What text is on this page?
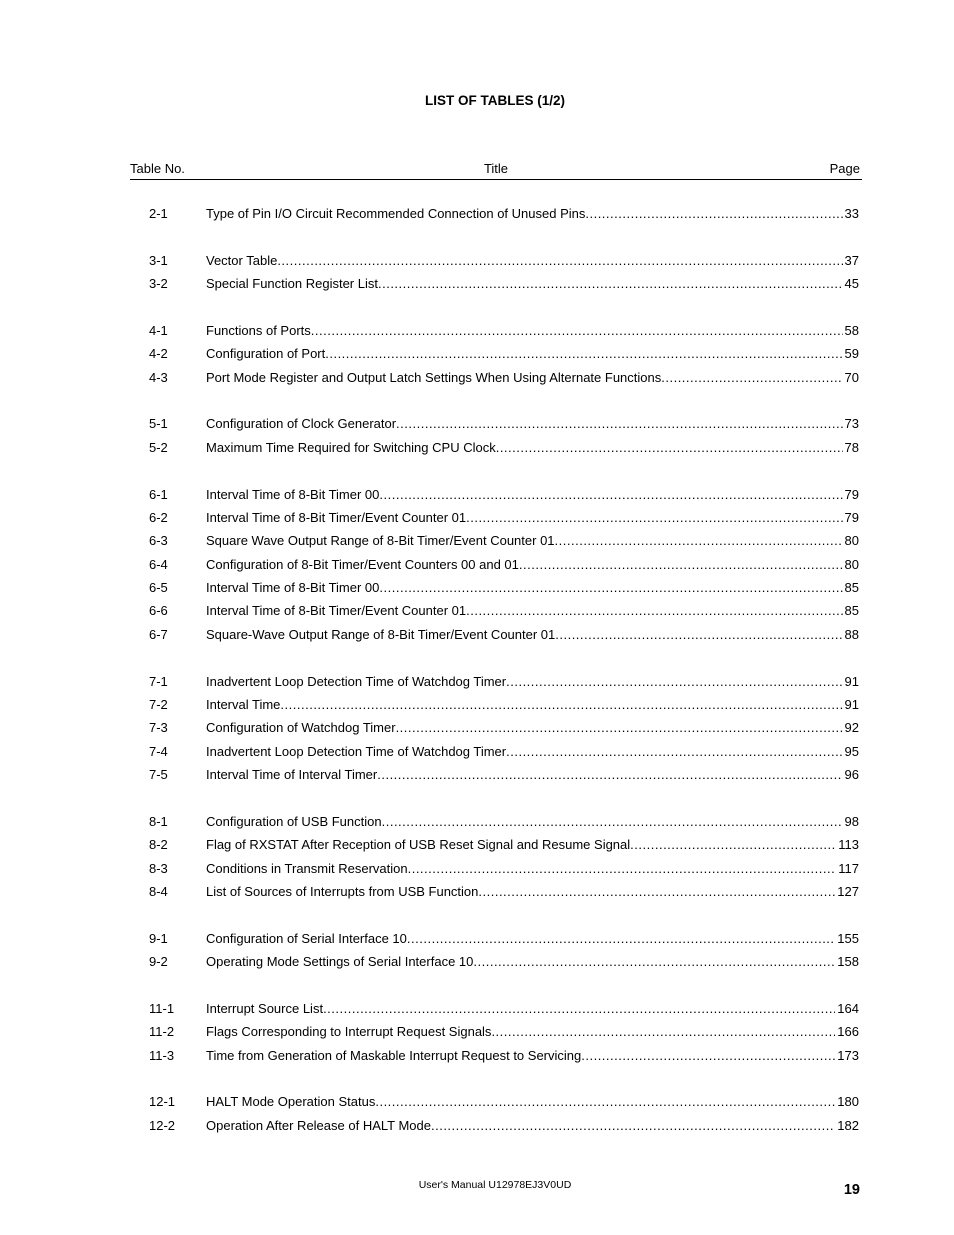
LIST OF TABLES (1/2)
Table No.	Title	Page
2-1	Type of Pin I/O Circuit Recommended Connection of Unused Pins .....	33
3-1	Vector Table .....	37
3-2	Special Function Register List .....	45
4-1	Functions of Ports .....	58
4-2	Configuration of Port .....	59
4-3	Port Mode Register and Output Latch Settings When Using Alternate Functions .....	70
5-1	Configuration of Clock Generator .....	73
5-2	Maximum Time Required for Switching CPU Clock .....	78
6-1	Interval Time of 8-Bit Timer 00 .....	79
6-2	Interval Time of 8-Bit Timer/Event Counter 01 .....	79
6-3	Square Wave Output Range of 8-Bit Timer/Event Counter 01 .....	80
6-4	Configuration of 8-Bit Timer/Event Counters 00 and 01 .....	80
6-5	Interval Time of 8-Bit Timer 00 .....	85
6-6	Interval Time of 8-Bit Timer/Event Counter 01 .....	85
6-7	Square-Wave Output Range of 8-Bit Timer/Event Counter 01 .....	88
7-1	Inadvertent Loop Detection Time of Watchdog Timer .....	91
7-2	Interval Time .....	91
7-3	Configuration of Watchdog Timer .....	92
7-4	Inadvertent Loop Detection Time of Watchdog Timer .....	95
7-5	Interval Time of Interval Timer .....	96
8-1	Configuration of USB Function .....	98
8-2	Flag of RXSTAT After Reception of USB Reset Signal and Resume Signal .....	113
8-3	Conditions in Transmit Reservation .....	117
8-4	List of Sources of Interrupts from USB Function .....	127
9-1	Configuration of Serial Interface 10 .....	155
9-2	Operating Mode Settings of Serial Interface 10 .....	158
11-1 Interrupt Source List .....	164
11-2 Flags Corresponding to Interrupt Request Signals .....	166
11-3 Time from Generation of Maskable Interrupt Request to Servicing .....	173
12-1 HALT Mode Operation Status .....	180
12-2 Operation After Release of HALT Mode .....	182
User's Manual U12978EJ3V0UD	19
